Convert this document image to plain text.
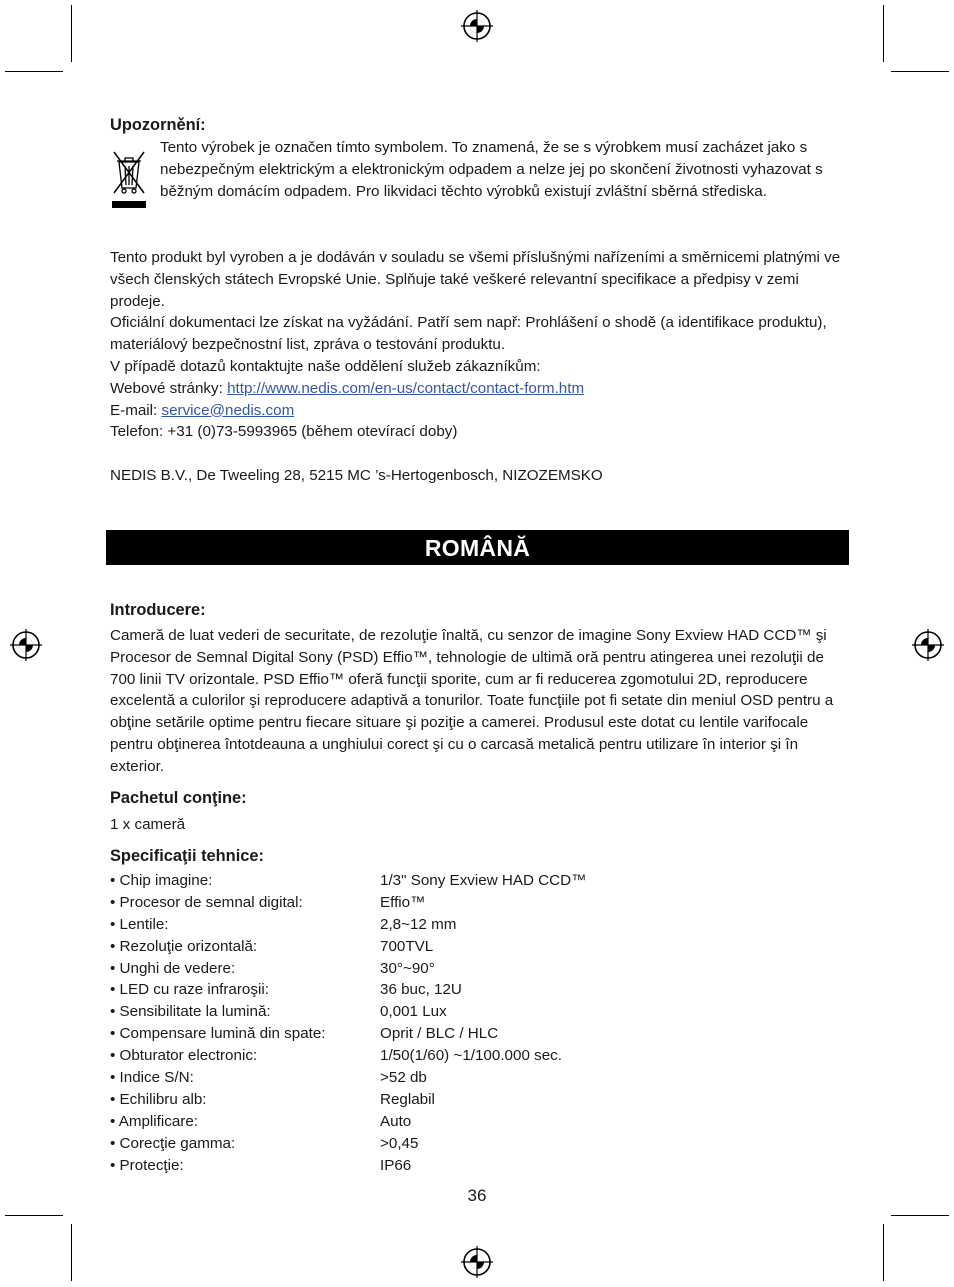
Upozornění:

Tento výrobek je označen tímto symbolem. To znamená, že se s výrobkem musí zacházet jako s nebezpečným elektrickým a elektronickým odpadem a nelze jej po skončení životnosti vyhazovat s běžným domácím odpadem. Pro likvidaci těchto výrobků existují zvláštní sběrná střediska.

Tento produkt byl vyroben a je dodáván v souladu se všemi příslušnými nařízeními a směrnicemi platnými ve všech členských státech Evropské Unie. Splňuje také veškeré relevantní specifikace a předpisy v zemi prodeje.

Oficiální dokumentaci lze získat na vyžádání. Patří sem např: Prohlášení o shodě (a identifikace produktu), materiálový bezpečnostní list, zpráva o testování produktu.

V případě dotazů kontaktujte naše oddělení služeb zákazníkům:

Webové stránky: http://www.nedis.com/en-us/contact/contact-form.htm

E-mail: service@nedis.com

Telefon: +31 (0)73-5993965 (během otevírací doby)

NEDIS B.V., De Tweeling 28, 5215 MC ’s-Hertogenbosch, NIZOZEMSKO

ROMÂNĂ
Introducere:

Cameră de luat vederi de securitate, de rezoluţie înaltă, cu senzor de imagine Sony Exview HAD CCD™ şi Procesor de Semnal Digital Sony (PSD) Effio™, tehnologie de ultimă oră pentru atingerea unei rezoluţii de 700 linii TV orizontale. PSD Effio™ oferă funcţii sporite, cum ar fi reducerea zgomotului 2D, reproducere excelentă a culorilor şi reproducere adaptivă a tonurilor. Toate funcţiile pot fi setate din meniul OSD pentru a obţine setările optime pentru fiecare situare şi poziţie a camerei. Produsul este dotat cu lentile varifocale pentru obţinerea întotdeauna a unghiului corect şi cu o carcasă metalică pentru utilizare în interior şi în exterior.

Pachetul conţine:

1 x cameră

Specificaţii tehnice:
• Chip imagine:	1/3" Sony Exview HAD CCD™
• Procesor de semnal digital:	Effio™
• Lentile:	2,8~12 mm
• Rezoluţie orizontală:	700TVL
• Unghi de vedere:	30°~90°
• LED cu raze infraroşii:	36 buc, 12U
• Sensibilitate la lumină:	0,001 Lux
• Compensare lumină din spate:	Oprit / BLC / HLC
• Obturator electronic:	1/50(1/60) ~1/100.000 sec.
• Indice S/N:	>52 db
• Echilibru alb:	Reglabil
• Amplificare:	Auto
• Corecţie gamma:	>0,45
• Protecţie:	IP66
36
